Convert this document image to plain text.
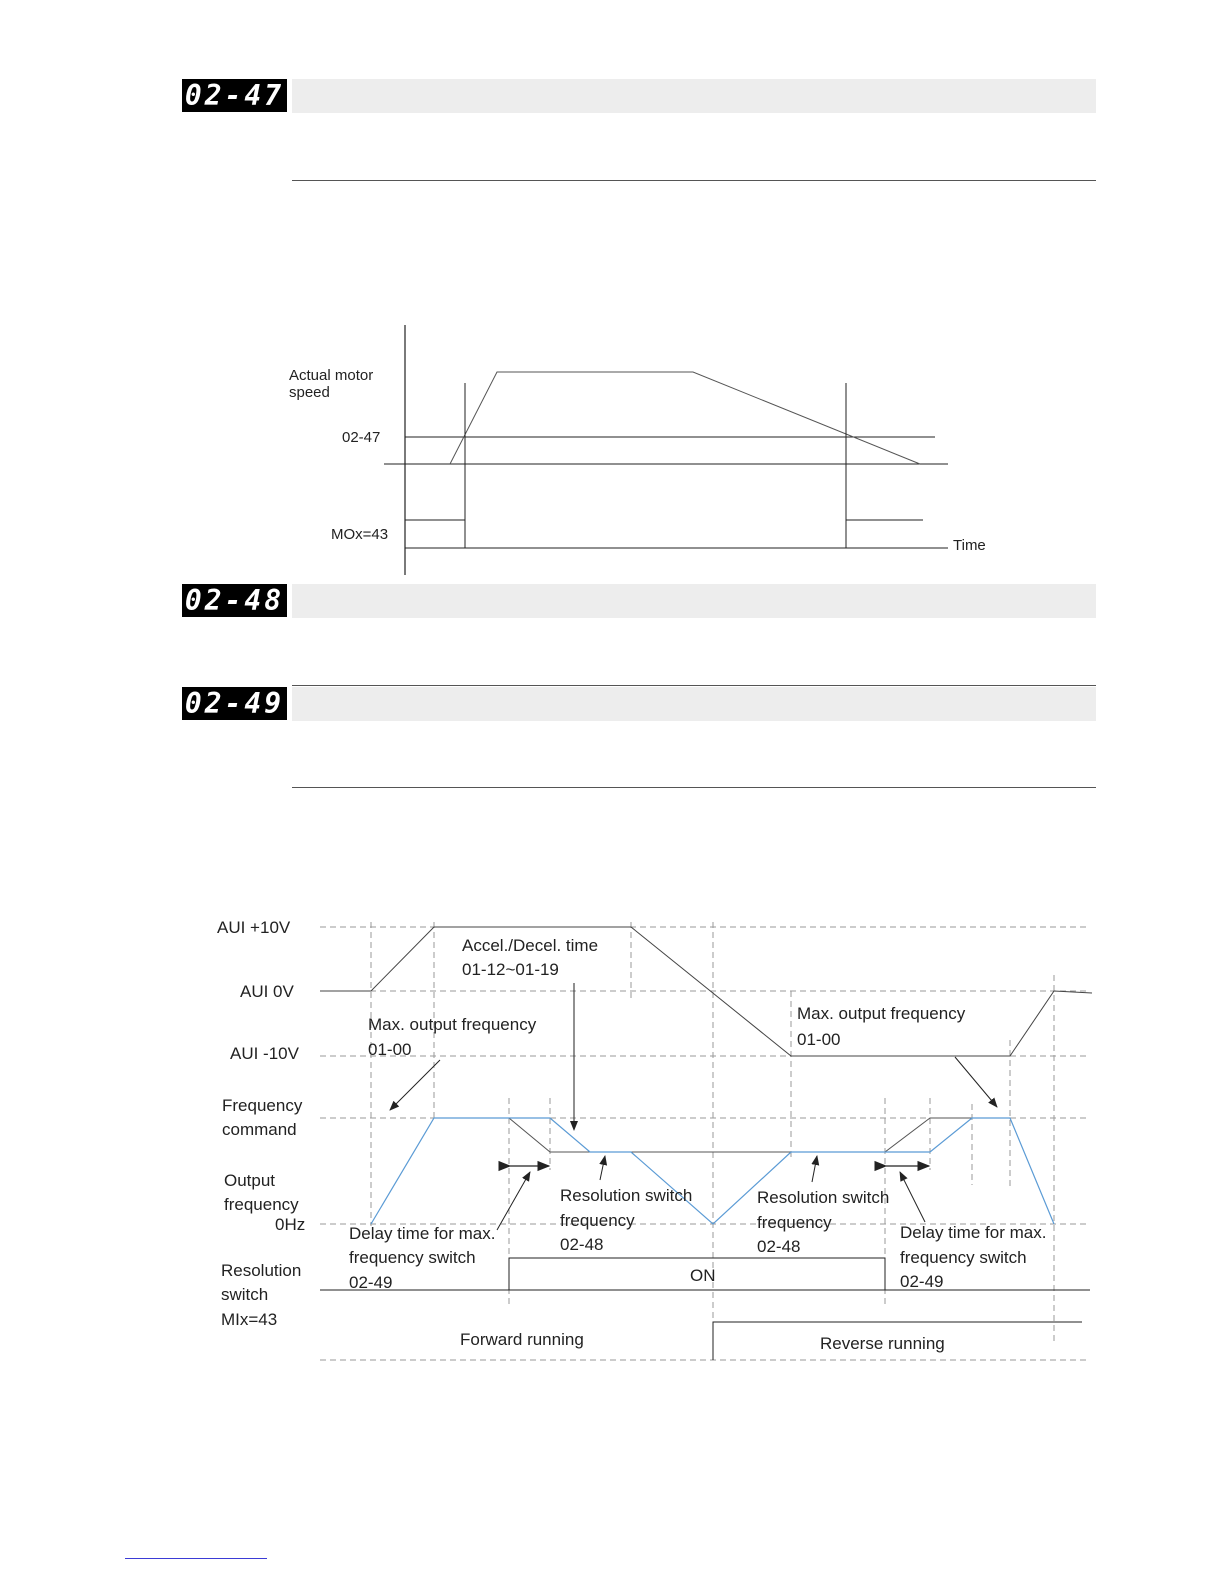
02-47
Actual motor
speed
02-47
MOx=43
Time
02-48
02-49
AUI +10V
AUI 0V
AUI -10V
Accel./Decel. time
01-12~01-19
Max. output frequency
01-00
Max. output frequency
01-00
Frequency
command
Output
frequency
0Hz
Resolution switch
frequency
02-48
Resolution switch
frequency
02-48
Delay time for max.
frequency switch
02-49
Delay time for max.
frequency switch
02-49
Resolution
switch
MIx=43
ON
Forward running	Reverse running
